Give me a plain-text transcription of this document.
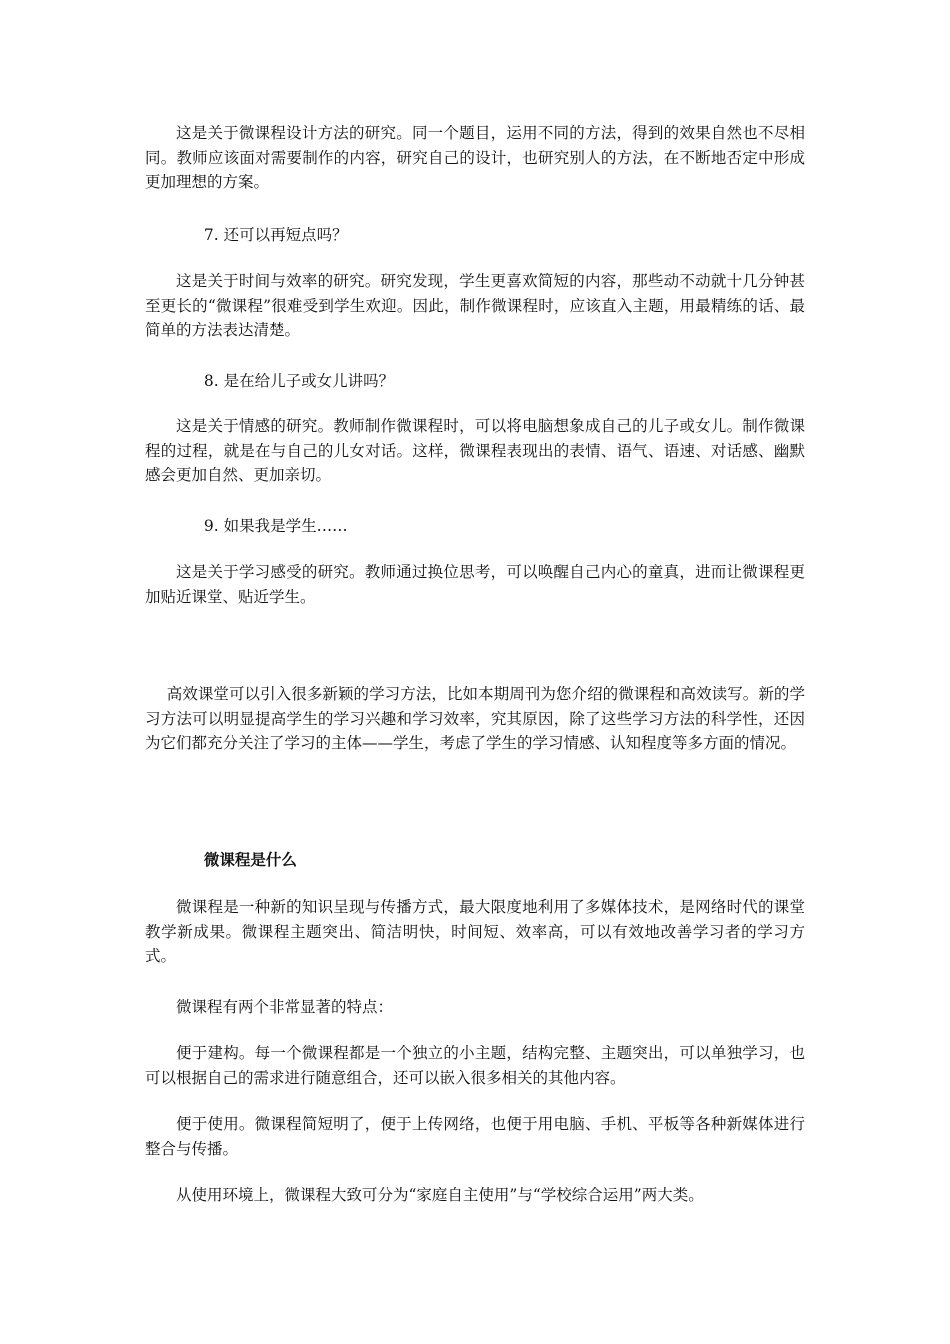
这是关于微课程设计方法的研究。同一个题目，运用不同的方法，得到的效果自然也不尽相同。教师应该面对需要制作的内容，研究自己的设计，也研究别人的方法，在不断地否定中形成更加理想的方案。

7. 还可以再短点吗？

这是关于时间与效率的研究。研究发现，学生更喜欢简短的内容，那些动不动就十几分钟甚至更长的“微课程”很难受到学生欢迎。因此，制作微课程时，应该直入主题，用最精练的话、最简单的方法表达清楚。

8. 是在给儿子或女儿讲吗？

这是关于情感的研究。教师制作微课程时，可以将电脑想象成自己的儿子或女儿。制作微课程的过程，就是在与自己的儿女对话。这样，微课程表现出的表情、语气、语速、对话感、幽默感会更加自然、更加亲切。

9. 如果我是学生……

这是关于学习感受的研究。教师通过换位思考，可以唤醒自己内心的童真，进而让微课程更加贴近课堂、贴近学生。

高效课堂可以引入很多新颖的学习方法，比如本期周刊为您介绍的微课程和高效读写。新的学习方法可以明显提高学生的学习兴趣和学习效率，究其原因，除了这些学习方法的科学性，还因为它们都充分关注了学习的主体——学生，考虑了学生的学习情感、认知程度等多方面的情况。

微课程是什么

微课程是一种新的知识呈现与传播方式，最大限度地利用了多媒体技术，是网络时代的课堂教学新成果。微课程主题突出、简洁明快，时间短、效率高，可以有效地改善学习者的学习方式。

微课程有两个非常显著的特点：

便于建构。每一个微课程都是一个独立的小主题，结构完整、主题突出，可以单独学习，也可以根据自己的需求进行随意组合，还可以嵌入很多相关的其他内容。

便于使用。微课程简短明了，便于上传网络，也便于用电脑、手机、平板等各种新媒体进行整合与传播。

从使用环境上，微课程大致可分为“家庭自主使用”与“学校综合运用”两大类。
